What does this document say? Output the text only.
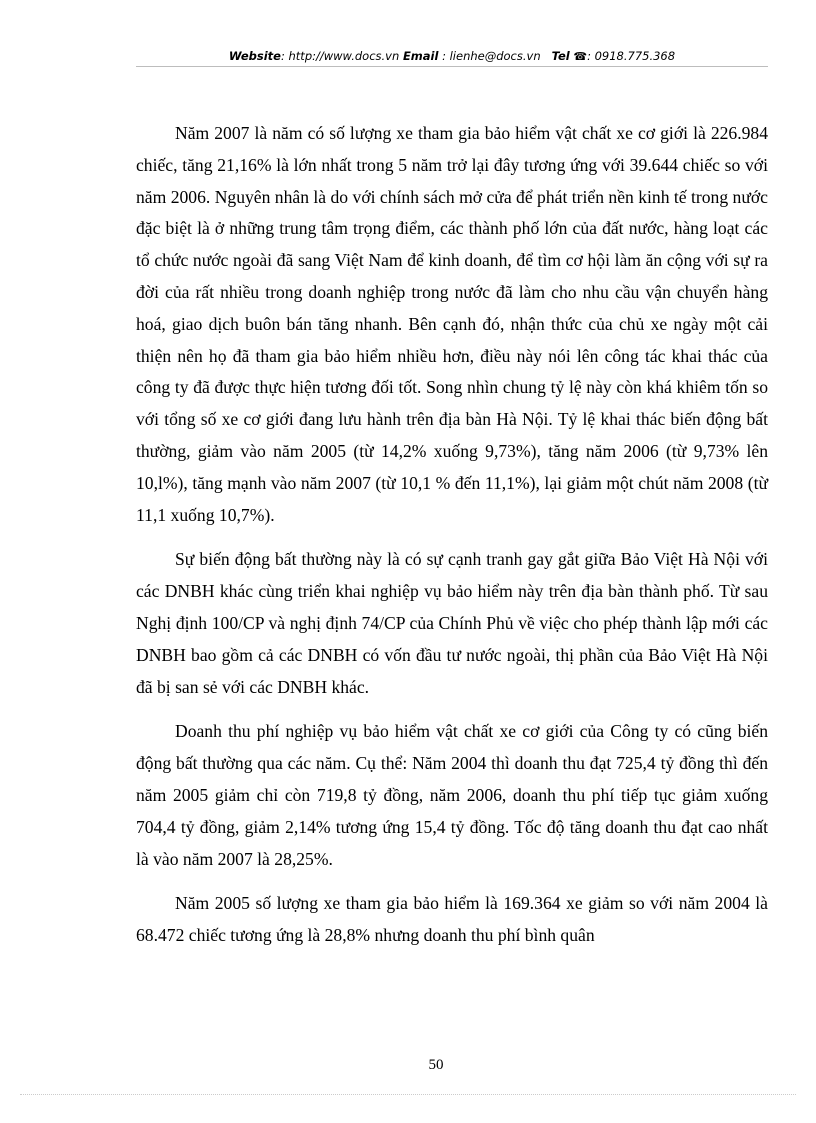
Website: http://www.docs.vn Email : lienhe@docs.vn Tel ☎: 0918.775.368

Năm 2007 là năm có số lượng xe tham gia bảo hiểm vật chất xe cơ giới là 226.984 chiếc, tăng 21,16% là lớn nhất trong 5 năm trở lại đây tương ứng với 39.644 chiếc so với năm 2006. Nguyên nhân là do với chính sách mở cửa để phát triển nền kinh tế trong nước đặc biệt là ở những trung tâm trọng điểm, các thành phố lớn của đất nước, hàng loạt các tổ chức nước ngoài đã sang Việt Nam để kinh doanh, để tìm cơ hội làm ăn cộng với sự ra đời của rất nhiều trong doanh nghiệp trong nước đã làm cho nhu cầu vận chuyển hàng hoá, giao dịch buôn bán tăng nhanh. Bên cạnh đó, nhận thức của chủ xe ngày một cải thiện nên họ đã tham gia bảo hiểm nhiều hơn, điều này nói lên công tác khai thác của công ty đã được thực hiện tương đối tốt. Song nhìn chung tỷ lệ này còn khá khiêm tốn so với tổng số xe cơ giới đang lưu hành trên địa bàn Hà Nội. Tỷ lệ khai thác biến động bất thường, giảm vào năm 2005 (từ 14,2% xuống 9,73%), tăng năm 2006 (từ 9,73% lên 10,l%), tăng mạnh vào năm 2007 (từ 10,1 % đến 11,1%), lại giảm một chút năm 2008 (từ 11,1 xuống 10,7%).

Sự biến động bất thường này là có sự cạnh tranh gay gắt giữa Bảo Việt Hà Nội với các DNBH khác cùng triển khai nghiệp vụ bảo hiểm này trên địa bàn thành phố. Từ sau Nghị định 100/CP và nghị định 74/CP của Chính Phủ về việc cho phép thành lập mới các DNBH bao gồm cả các DNBH có vốn đầu tư nước ngoài, thị phần của Bảo Việt Hà Nội đã bị san sẻ với các DNBH khác.

Doanh thu phí nghiệp vụ bảo hiểm vật chất xe cơ giới của Công ty có cũng biến động bất thường qua các năm. Cụ thể: Năm 2004 thì doanh thu đạt 725,4 tỷ đồng thì đến năm 2005 giảm chỉ còn 719,8 tỷ đồng, năm 2006, doanh thu phí tiếp tục giảm xuống 704,4 tỷ đồng, giảm 2,14% tương ứng 15,4 tỷ đồng. Tốc độ tăng doanh thu đạt cao nhất là vào năm 2007 là 28,25%.

Năm 2005 số lượng xe tham gia bảo hiểm là 169.364 xe giảm so với năm 2004 là 68.472 chiếc tương ứng là 28,8% nhưng doanh thu phí bình quân

50
